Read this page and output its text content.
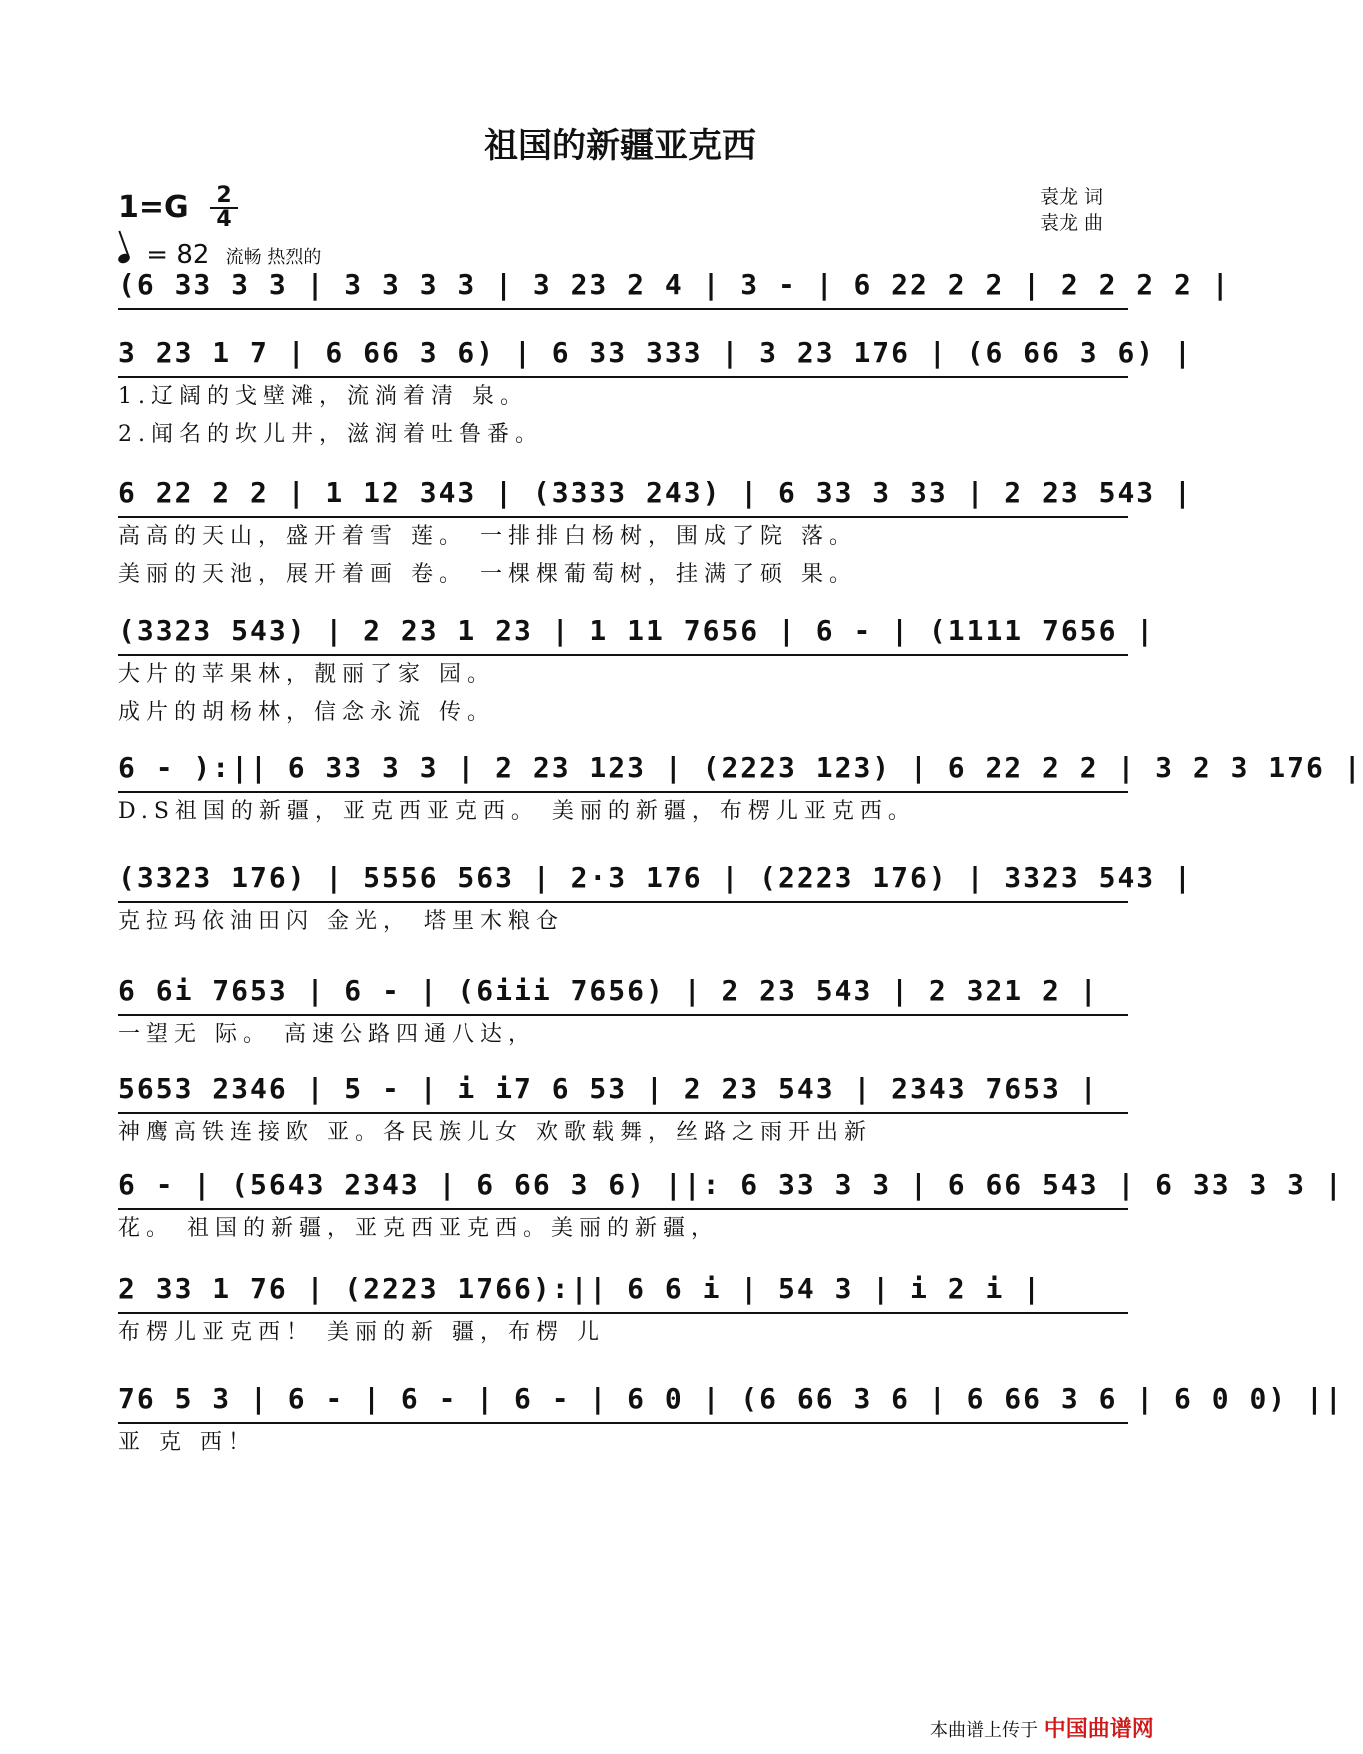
祖国的新疆亚克西
袁龙 词
袁龙 曲
1=G 2
4
= 82 流畅 热烈的
(6 33 3 3 | 3 3 3 3 | 3 23 2 4 | 3 - | 6 22 2 2 | 2 2 2 2 |
3 23 1 7 | 6 66 3 6) | 6 33 333 | 3 23 176 | (6 66 3 6) |
1.辽阔的戈壁滩，流淌着清 泉。
2.闻名的坎儿井，滋润着吐鲁番。
6 22 2 2 | 1 12 343 | (3333 243) | 6 33 3 33 | 2 23 543 |
高高的天山，盛开着雪 莲。 一排排白杨树，围成了院 落。
美丽的天池，展开着画 卷。 一棵棵葡萄树，挂满了硕 果。
(3323 543) | 2 23 1 23 | 1 11 7656 | 6 - | (1111 7656 |
大片的苹果林，靓丽了家 园。
成片的胡杨林，信念永流 传。
6 - ):|| 6 33 3 3 | 2 23 123 | (2223 123) | 6 22 2 2 | 3 2 3 176 |
D.S祖国的新疆，亚克西亚克西。 美丽的新疆，布楞儿亚克西。
(3323 176) | 5556 563 | 2·3 176 | (2223 176) | 3323 543 |
克拉玛依油田闪 金光， 塔里木粮仓
6 6i 7653 | 6 - | (6iii 7656) | 2 23 543 | 2 321 2 |
一望无 际。 高速公路四通八达，
5653 2346 | 5 - | i i7 6 53 | 2 23 543 | 2343 7653 |
神鹰高铁连接欧 亚。各民族儿女 欢歌载舞，丝路之雨开出新
6 - | (5643 2343 | 6 66 3 6) ||: 6 33 3 3 | 6 66 543 | 6 33 3 3 |
花。 祖国的新疆，亚克西亚克西。美丽的新疆，
2 33 1 76 | (2223 1766):|| 6 6 i | 54 3 | i 2 i |
布楞儿亚克西！ 美丽的新 疆，布楞 儿
76 5 3 | 6 - | 6 - | 6 - | 6 0 | (6 66 3 6 | 6 66 3 6 | 6 0 0) ||
亚 克 西！
本曲谱上传于 中国曲谱网
